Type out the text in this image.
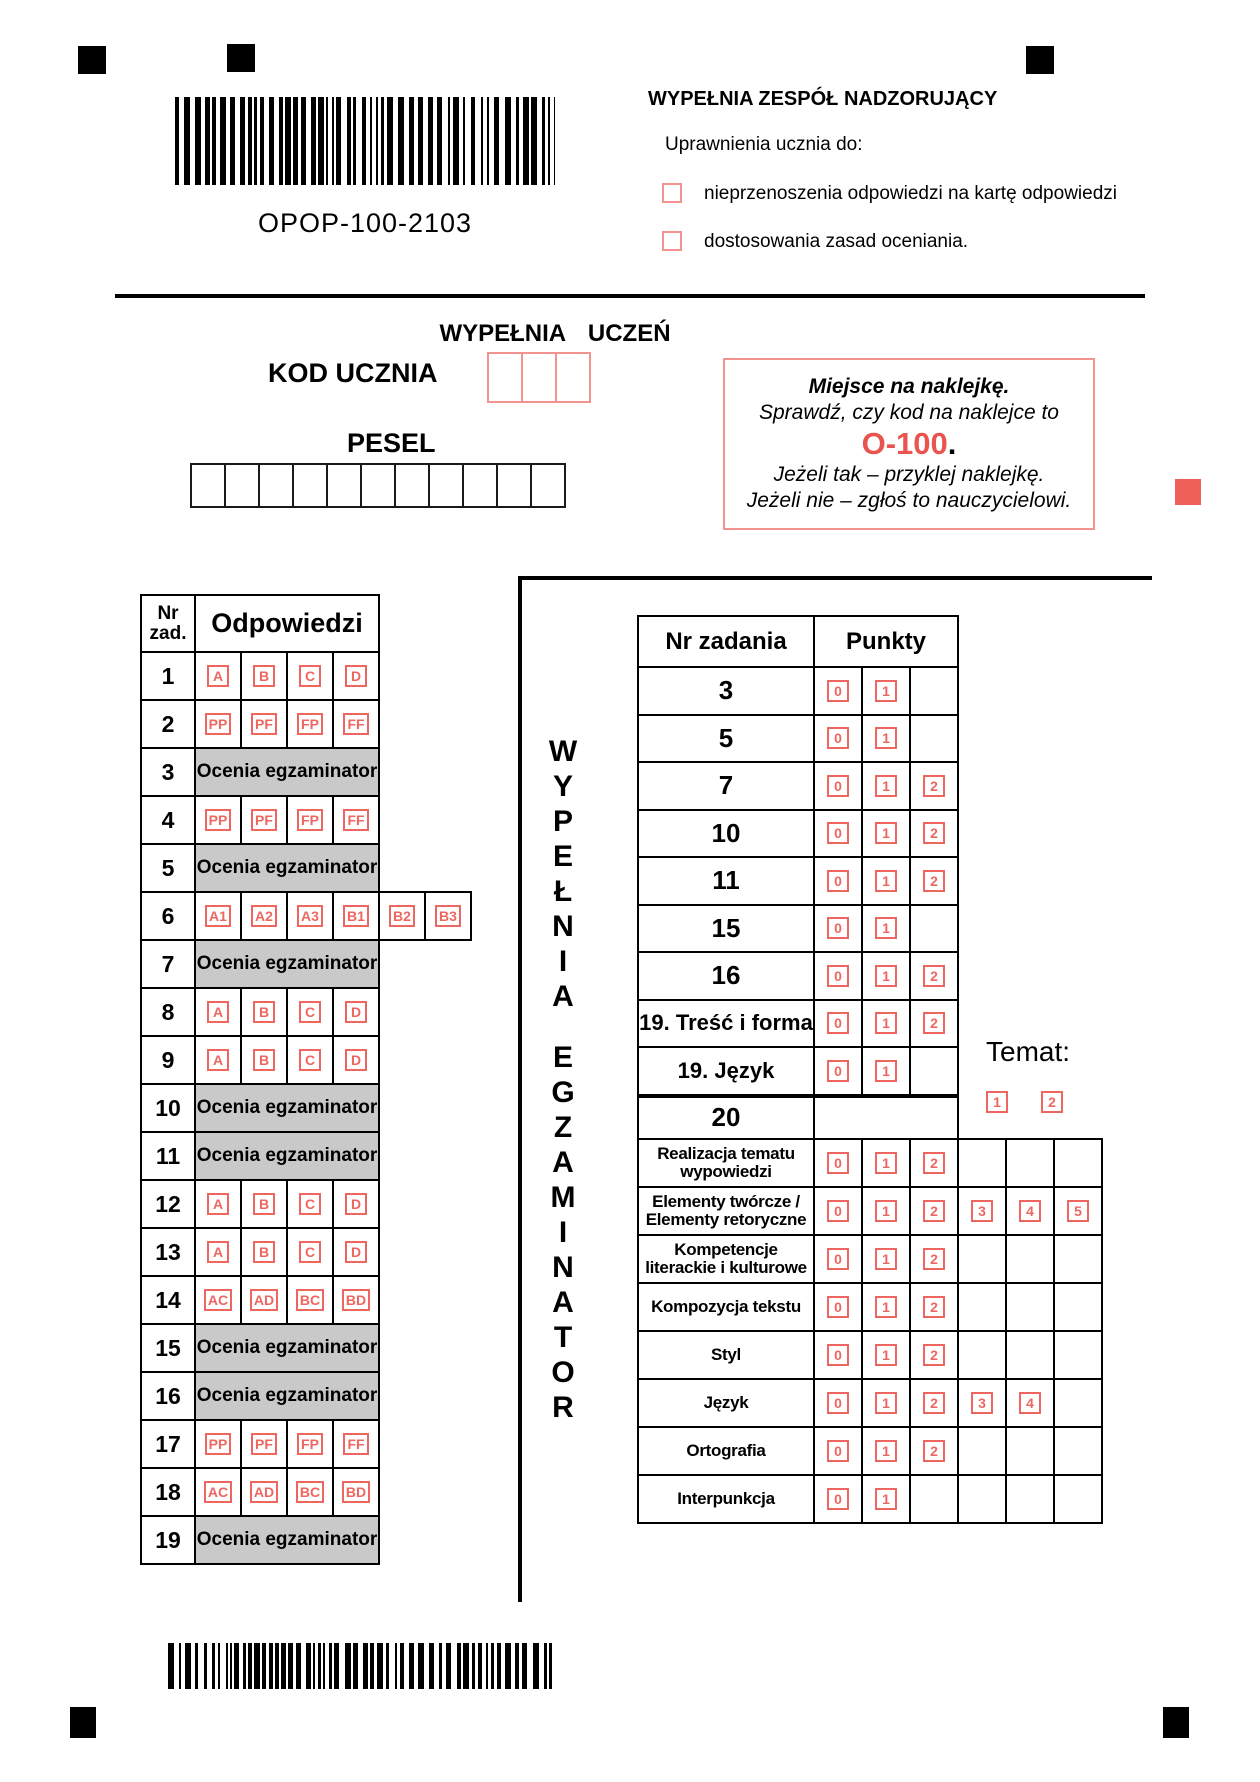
OPOP-100-2103
WYPEŁNIA ZESPÓŁ NADZORUJĄCY
Uprawnienia ucznia do:
nieprzenoszenia odpowiedzi na kartę odpowiedzi
dostosowania zasad oceniania.
WYPEŁNIA UCZEŃ
KOD UCZNIA
PESEL
Miejsce na naklejkę.
Sprawdź, czy kod na naklejce to
O-100.
Jeżeli tak – przyklej naklejkę.
Jeżeli nie – zgłoś to nauczycielowi.
Nr zad. Odpowiedzi
1	A	B	C	D
2	PP PF FP FF
3	Ocenia egzaminator
4	PP PF FP FF
5	Ocenia egzaminator
6	A1 A2 A3 B1 B2 B3
7	Ocenia egzaminator
8	A	B	C	D
9	A	B	C	D
10 Ocenia egzaminator
11 Ocenia egzaminator
12	A	B	C	D
13	A	B	C	D
14	AC AD BC BD
15 Ocenia egzaminator
16 Ocenia egzaminator
17	PP PF FP FF
18	AC AD BC BD
19 Ocenia egzaminator
W
Y
P
E
Ł
N
I
A
E
G
Z
A
M
I
N
A
T
O
R
Nr zadania	Punkty
3	0	1
5	0	1
7	0	1	2
10	0	1	2
11	0	1	2
15	0	1
16	0	1	2
19. Treść i forma	0	1	2
19. Język	0	1
20
Realizacja tematu wypowiedzi	0	1	2
Elementy twórcze / Elementy retoryczne	0	1	2	3	4	5
Kompetencje literackie i kulturowe	0	1	2
Kompozycja tekstu	0	1	2
Styl	0	1	2
Język	0	1	2	3	4
Ortografia	0	1	2
Interpunkcja	0	1
Temat:
1	2
